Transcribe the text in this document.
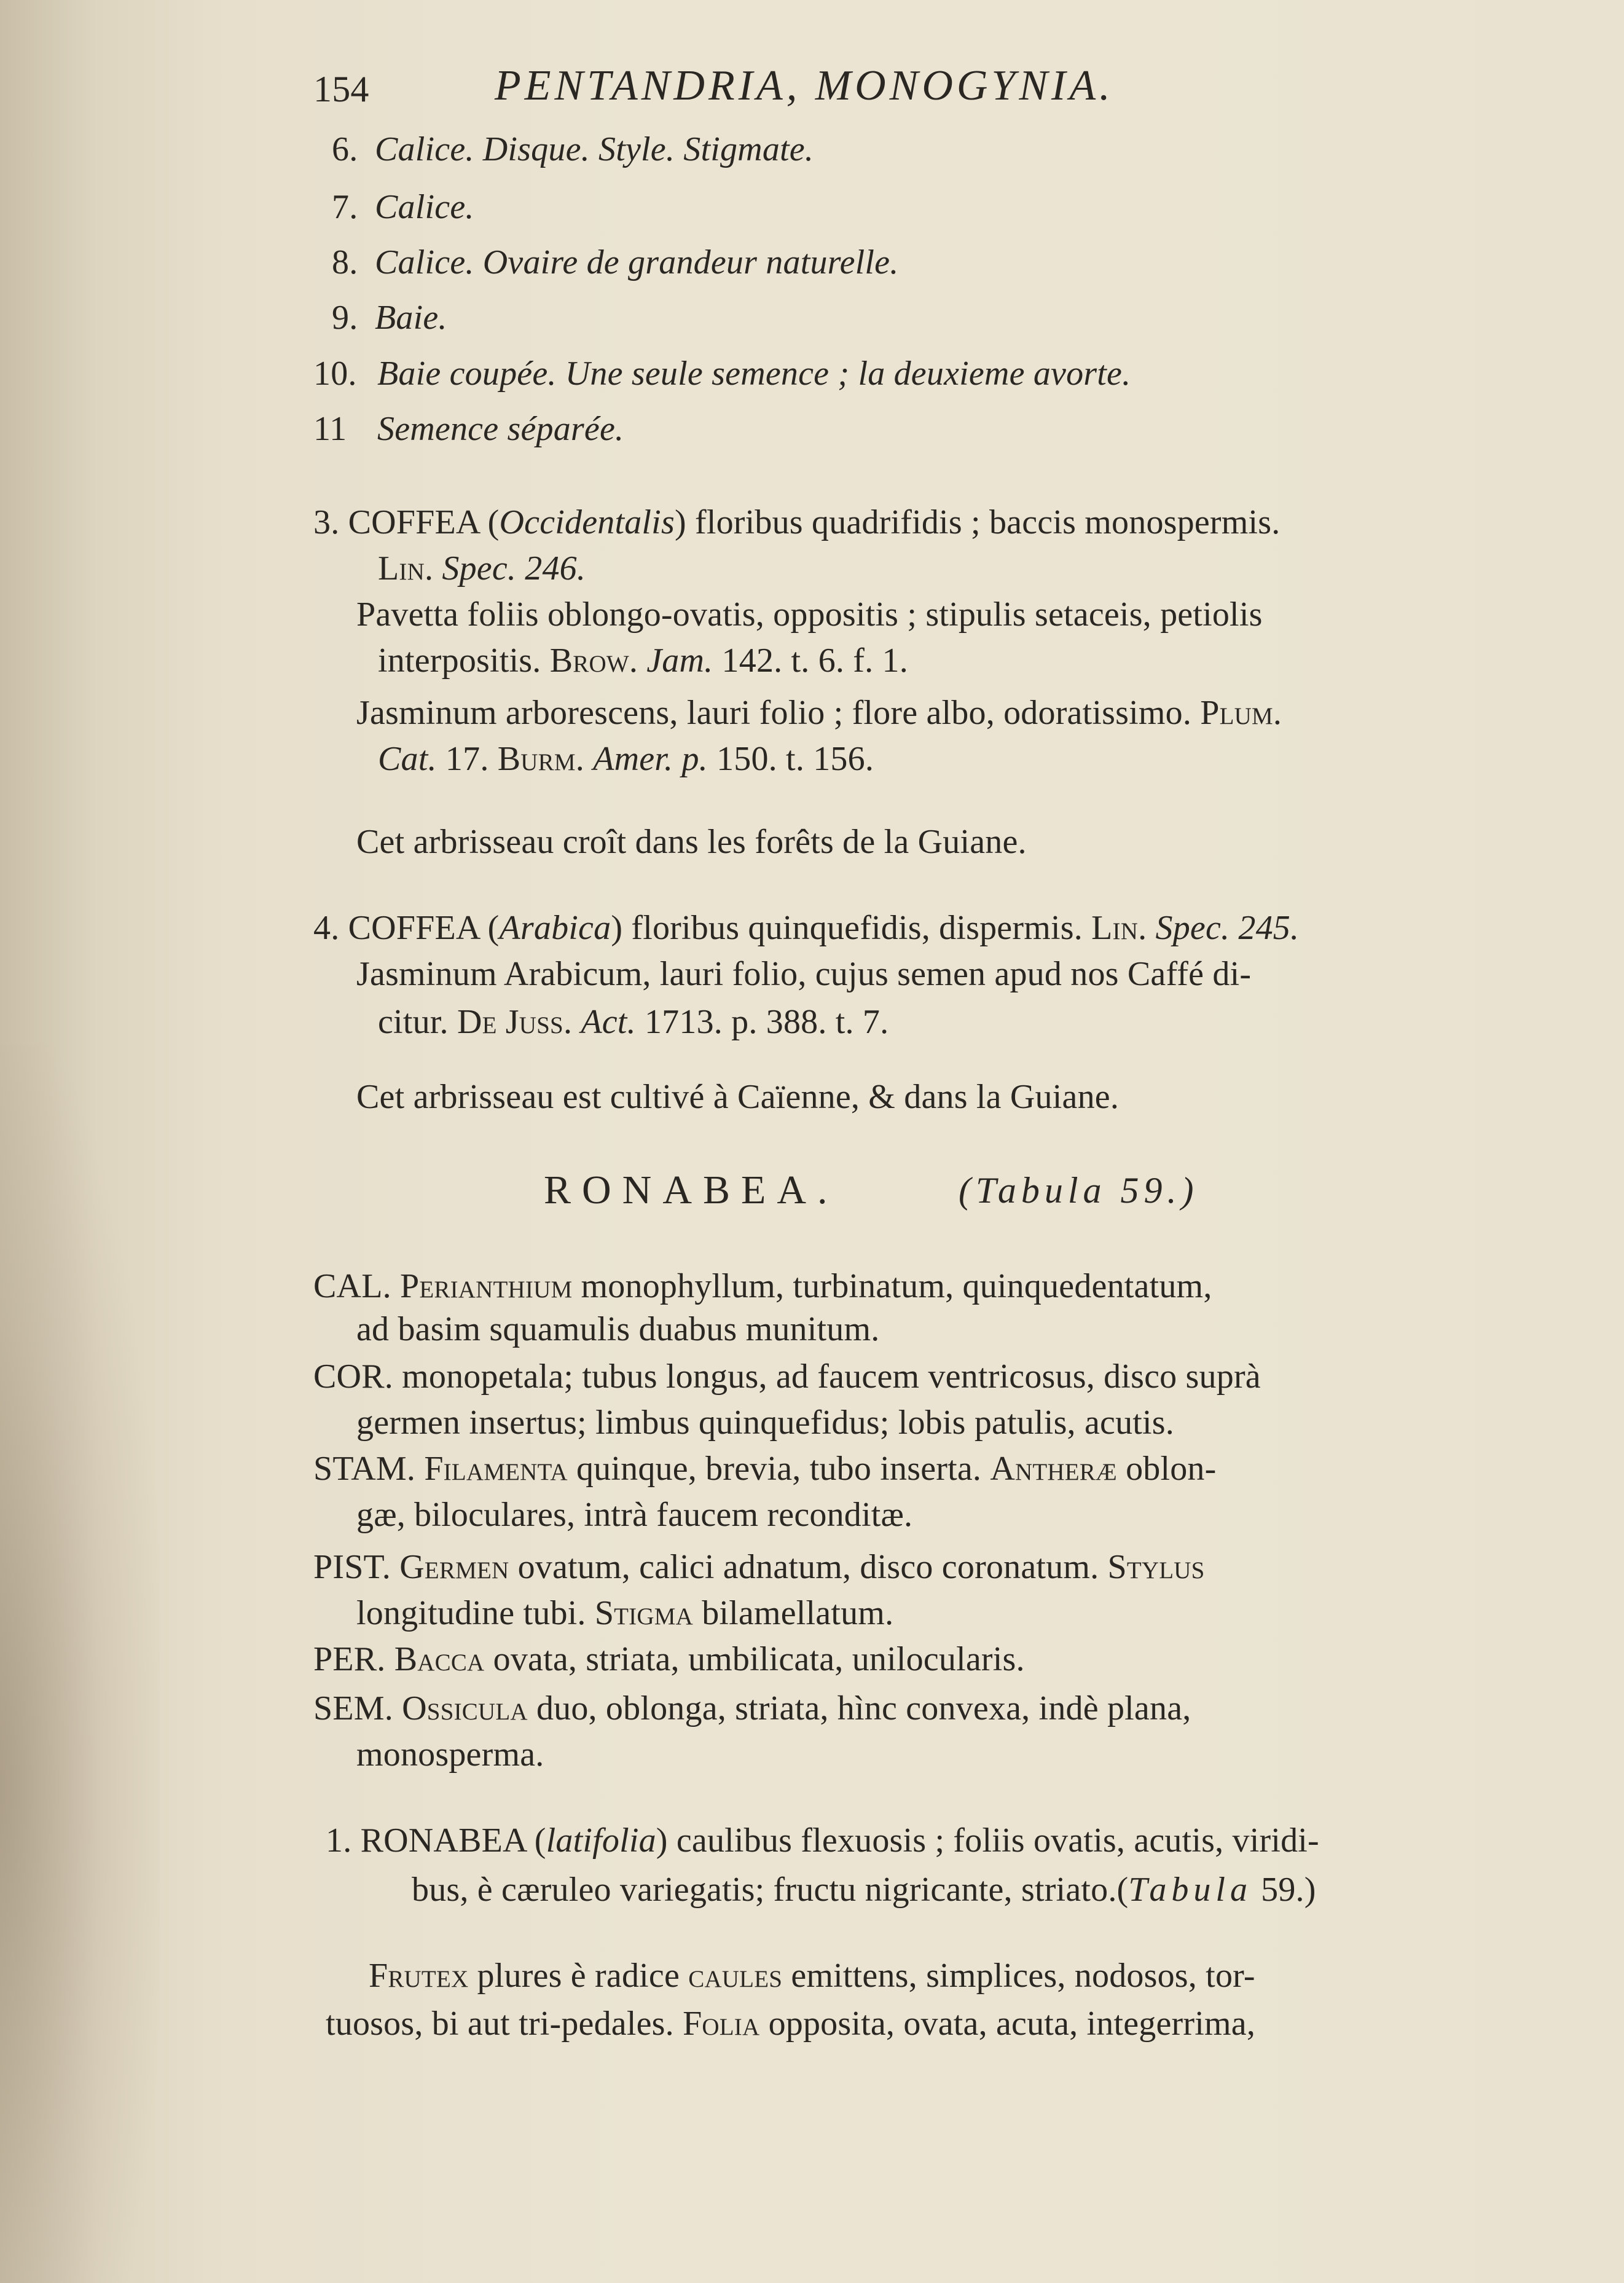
154	PENTANDRIA, MONOGYNIA.
6. Calice. Disque. Style. Stigmate.
7. Calice.
8. Calice. Ovaire de grandeur naturelle.
9. Baie.
10. Baie coupée. Une seule semence ; la deuxieme avorte.
11 Semence séparée.
3. COFFEA (Occidentalis) floribus quadrifidis ; baccis monospermis.
Lin. Spec. 246.
Pavetta foliis oblongo-ovatis, oppositis ; stipulis setaceis, petiolis
interpositis. Brow. Jam. 142. t. 6. f. 1.
Jasminum arborescens, lauri folio ; flore albo, odoratissimo. Plum.
Cat. 17. Burm. Amer. p. 150. t. 156.
Cet arbrisseau croît dans les forêts de la Guiane.
4. COFFEA (Arabica) floribus quinquefidis, dispermis. Lin. Spec. 245.
Jasminum Arabicum, lauri folio, cujus semen apud nos Caffé di-
citur. De Juss. Act. 1713. p. 388. t. 7.
Cet arbrisseau est cultivé à Caïenne, & dans la Guiane.
RONABEA.	(Tabula 59.)
CAL. Perianthium monophyllum, turbinatum, quinquedentatum,
ad basim squamulis duabus munitum.
COR. monopetala; tubus longus, ad faucem ventricosus, disco suprà
germen insertus; limbus quinquefidus; lobis patulis, acutis.
STAM. Filamenta quinque, brevia, tubo inserta. Antheræ oblon-
gæ, biloculares, intrà faucem reconditæ.
PIST. Germen ovatum, calici adnatum, disco coronatum. Stylus
longitudine tubi. Stigma bilamellatum.
PER. Bacca ovata, striata, umbilicata, unilocularis.
SEM. Ossicula duo, oblonga, striata, hìnc convexa, indè plana,
monosperma.
1. RONABEA (latifolia) caulibus flexuosis ; foliis ovatis, acutis, viridi-
bus, è cæruleo variegatis; fructu nigricante, striato.(Tabula 59.)
Frutex plures è radice caules emittens, simplices, nodosos, tor-
tuosos, bi aut tri-pedales. Folia opposita, ovata, acuta, integerrima,
